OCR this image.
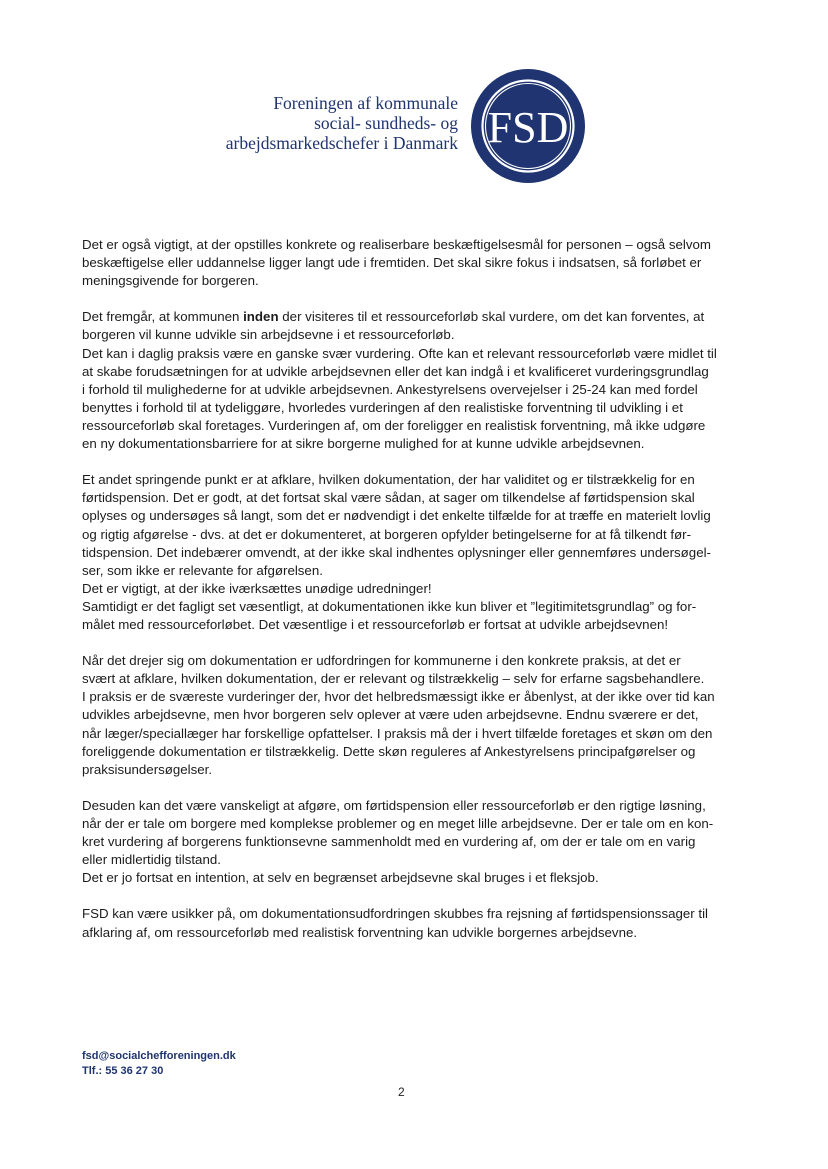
Foreningen af kommunale
social- sundheds- og
arbejdsmarkedschefer i Danmark FSD
Det er også vigtigt, at der opstilles konkrete og realiserbare beskæftigelsesmål for personen – også selvom
beskæftigelse eller uddannelse ligger langt ude i fremtiden. Det skal sikre fokus i indsatsen, så forløbet er
meningsgivende for borgeren.
Det fremgår, at kommunen inden der visiteres til et ressourceforløb skal vurdere, om det kan forventes, at
borgeren vil kunne udvikle sin arbejdsevne i et ressourceforløb.
Det kan i daglig praksis være en ganske svær vurdering. Ofte kan et relevant ressourceforløb være midlet til
at skabe forudsætningen for at udvikle arbejdsevnen eller det kan indgå i et kvalificeret vurderingsgrundlag
i forhold til mulighederne for at udvikle arbejdsevnen. Ankestyrelsens overvejelser i 25-24 kan med fordel
benyttes i forhold til at tydeliggøre, hvorledes vurderingen af den realistiske forventning til udvikling i et
ressourceforløb skal foretages. Vurderingen af, om der foreligger en realistisk forventning, må ikke udgøre
en ny dokumentationsbarriere for at sikre borgerne mulighed for at kunne udvikle arbejdsevnen.
Et andet springende punkt er at afklare, hvilken dokumentation, der har validitet og er tilstrækkelig for en
førtidspension. Det er godt, at det fortsat skal være sådan, at sager om tilkendelse af førtidspension skal
oplyses og undersøges så langt, som det er nødvendigt i det enkelte tilfælde for at træffe en materielt lovlig
og rigtig afgørelse - dvs. at det er dokumenteret, at borgeren opfylder betingelserne for at få tilkendt før-
tidspension. Det indebærer omvendt, at der ikke skal indhentes oplysninger eller gennemføres undersøgel-
ser, som ikke er relevante for afgørelsen.
Det er vigtigt, at der ikke iværksættes unødige udredninger!
Samtidigt er det fagligt set væsentligt, at dokumentationen ikke kun bliver et ”legitimitetsgrundlag” og for-
målet med ressourceforløbet. Det væsentlige i et ressourceforløb er fortsat at udvikle arbejdsevnen!
Når det drejer sig om dokumentation er udfordringen for kommunerne i den konkrete praksis, at det er
svært at afklare, hvilken dokumentation, der er relevant og tilstrækkelig – selv for erfarne sagsbehandlere.
I praksis er de sværeste vurderinger der, hvor det helbredsmæssigt ikke er åbenlyst, at der ikke over tid kan
udvikles arbejdsevne, men hvor borgeren selv oplever at være uden arbejdsevne. Endnu sværere er det,
når læger/speciallæger har forskellige opfattelser. I praksis må der i hvert tilfælde foretages et skøn om den
foreliggende dokumentation er tilstrækkelig. Dette skøn reguleres af Ankestyrelsens principafgørelser og
praksisundersøgelser.
Desuden kan det være vanskeligt at afgøre, om førtidspension eller ressourceforløb er den rigtige løsning,
når der er tale om borgere med komplekse problemer og en meget lille arbejdsevne. Der er tale om en kon-
kret vurdering af borgerens funktionsevne sammenholdt med en vurdering af, om der er tale om en varig
eller midlertidig tilstand.
Det er jo fortsat en intention, at selv en begrænset arbejdsevne skal bruges i et fleksjob.
FSD kan være usikker på, om dokumentationsudfordringen skubbes fra rejsning af førtidspensionssager til
afklaring af, om ressourceforløb med realistisk forventning kan udvikle borgernes arbejdsevne.
fsd@socialchefforeningen.dk
Tlf.: 55 36 27 30
2
